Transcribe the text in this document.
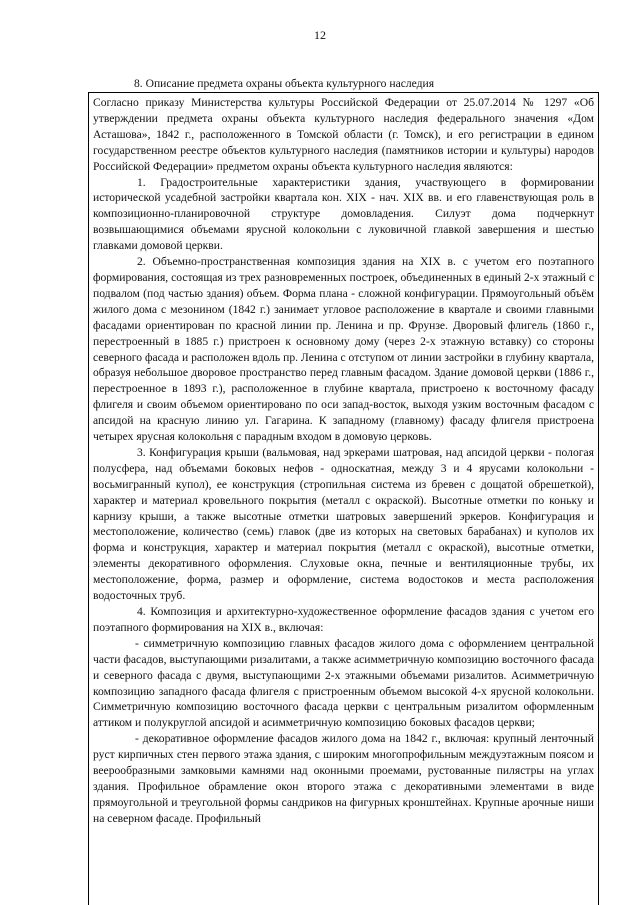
12
8. Описание предмета охраны объекта культурного наследия

Согласно приказу Министерства культуры Российской Федерации от 25.07.2014 № 1297 «Об утверждении предмета охраны объекта культурного наследия федерального значения «Дом Асташова», 1842 г., расположенного в Томской области (г. Томск), и его регистрации в едином государственном реестре объектов культурного наследия (памятников истории и культуры) народов Российской Федерации» предметом охраны объекта культурного наследия являются:

1. Градостроительные характеристики здания, участвующего в формировании исторической усадебной застройки квартала кон. XIX - нач. XIX вв. и его главенствующая роль в композиционно-планировочной структуре домовладения. Силуэт дома подчеркнут возвышающимися объемами ярусной колокольни с луковичной главкой завершения и шестью главками домовой церкви.

2. Объемно-пространственная композиция здания на XIX в. с учетом его поэтапного формирования, состоящая из трех разновременных построек, объединенных в единый 2-х этажный с подвалом (под частью здания) объем. Форма плана - сложной конфигурации. Прямоугольный объём жилого дома с мезонином (1842 г.) занимает угловое расположение в квартале и своими главными фасадами ориентирован по красной линии пр. Ленина и пр. Фрунзе. Дворовый флигель (1860 г., перестроенный в 1885 г.) пристроен к основному дому (через 2-х этажную вставку) со стороны северного фасада и расположен вдоль пр. Ленина с отступом от линии застройки в глубину квартала, образуя небольшое дворовое пространство перед главным фасадом. Здание домовой церкви (1886 г., перестроенное в 1893 г.), расположенное в глубине квартала, пристроено к восточному фасаду флигеля и своим объемом ориентировано по оси запад-восток, выходя узким восточным фасадом с апсидой на красную линию ул. Гагарина. К западному (главному) фасаду флигеля пристроена четырех ярусная колокольня с парадным входом в домовую церковь.

3. Конфигурация крыши (вальмовая, над эркерами шатровая, над апсидой церкви - пологая полусфера, над объемами боковых нефов - односкатная, между 3 и 4 ярусами колокольни - восьмигранный купол), ее конструкция (стропильная система из бревен с дощатой обрешеткой), характер и материал кровельного покрытия (металл с окраской). Высотные отметки по коньку и карнизу крыши, а также высотные отметки шатровых завершений эркеров. Конфигурация и местоположение, количество (семь) главок (две из которых на световых барабанах) и куполов их форма и конструкция, характер и материал покрытия (металл с окраской), высотные отметки, элементы декоративного оформления. Слуховые окна, печные и вентиляционные трубы, их местоположение, форма, размер и оформление, система водостоков и места расположения водосточных труб.

4. Композиция и архитектурно-художественное оформление фасадов здания с учетом его поэтапного формирования на XIX в., включая:

- симметричную композицию главных фасадов жилого дома с оформлением центральной части фасадов, выступающими ризалитами, а также асимметричную композицию восточного фасада и северного фасада с двумя, выступающими 2-х этажными объемами ризалитов. Асимметричную композицию западного фасада флигеля с пристроенным объемом высокой 4-х ярусной колокольни. Симметричную композицию восточного фасада церкви с центральным ризалитом оформленным аттиком и полукруглой апсидой и асимметричную композицию боковых фасадов церкви;

- декоративное оформление фасадов жилого дома на 1842 г., включая: крупный ленточный руст кирпичных стен первого этажа здания, с широким многопрофильным междуэтажным поясом и веерообразными замковыми камнями над оконными проемами, рустованные пилястры на углах здания. Профильное обрамление окон второго этажа с декоративными элементами в виде прямоугольной и треугольной формы сандриков на фигурных кронштейнах. Крупные арочные ниши на северном фасаде. Профильный
